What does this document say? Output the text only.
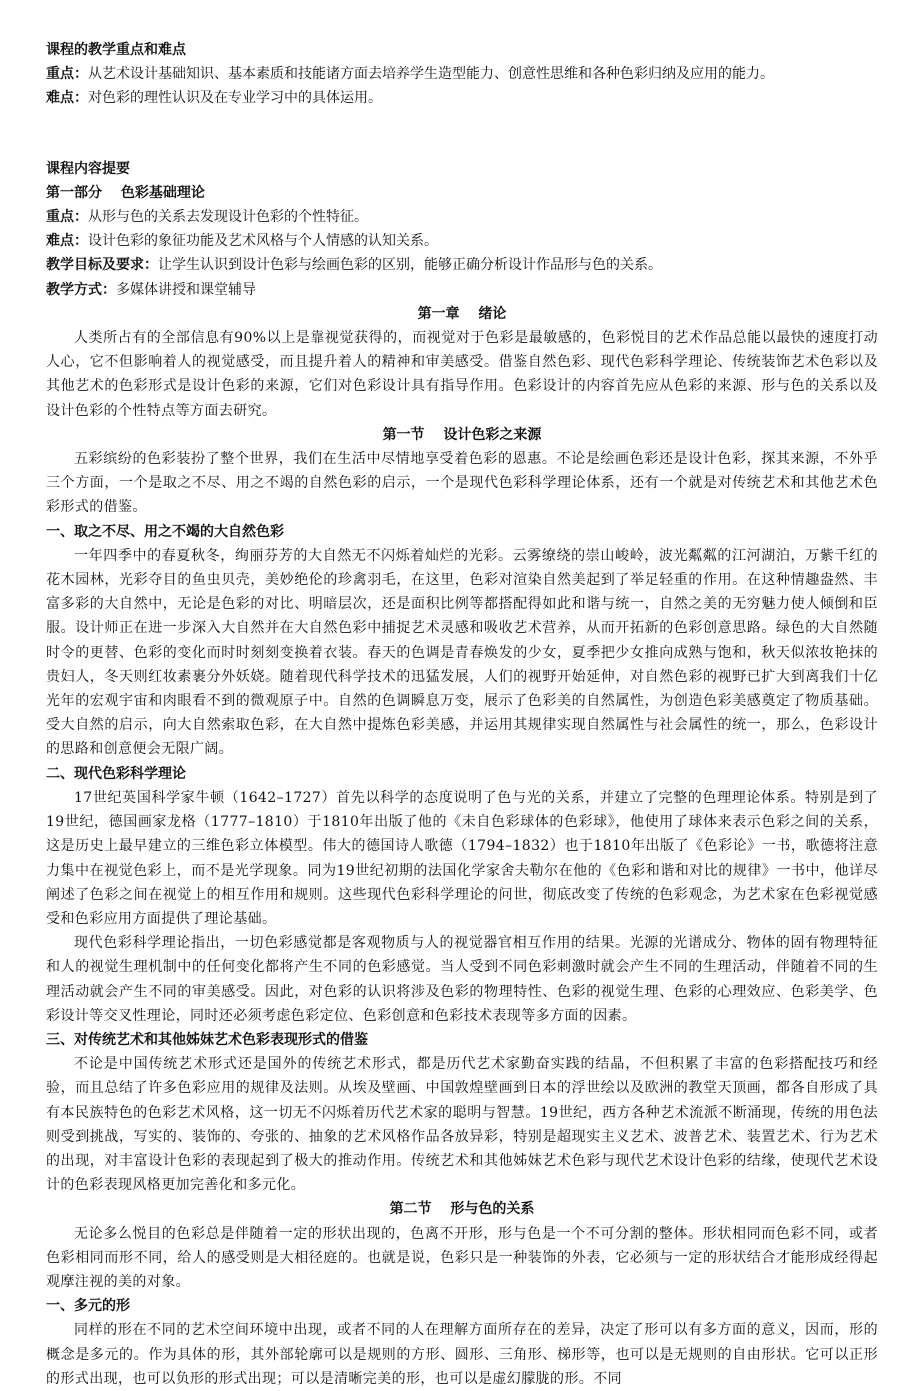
课程的教学重点和难点

重点：从艺术设计基础知识、基本素质和技能诸方面去培养学生造型能力、创意性思维和各种色彩归纳及应用的能力。

难点：对色彩的理性认识及在专业学习中的具体运用。

课程内容提要

第一部分　 色彩基础理论

重点：从形与色的关系去发现设计色彩的个性特征。

难点：设计色彩的象征功能及艺术风格与个人情感的认知关系。

教学目标及要求：让学生认识到设计色彩与绘画色彩的区别，能够正确分析设计作品形与色的关系。

教学方式：多媒体讲授和课堂辅导

第一章　 绪论

人类所占有的全部信息有90%以上是靠视觉获得的，而视觉对于色彩是最敏感的，色彩悦目的艺术作品总能以最快的速度打动人心，它不但影响着人的视觉感受，而且提升着人的精神和审美感受。借鉴自然色彩、现代色彩科学理论、传统装饰艺术色彩以及其他艺术的色彩形式是设计色彩的来源，它们对色彩设计具有指导作用。色彩设计的内容首先应从色彩的来源、形与色的关系以及设计色彩的个性特点等方面去研究。

第一节　 设计色彩之来源

五彩缤纷的色彩装扮了整个世界，我们在生活中尽情地享受着色彩的恩惠。不论是绘画色彩还是设计色彩，探其来源，不外乎三个方面，一个是取之不尽、用之不竭的自然色彩的启示，一个是现代色彩科学理论体系，还有一个就是对传统艺术和其他艺术色彩形式的借鉴。

一、取之不尽、用之不竭的大自然色彩

一年四季中的春夏秋冬，绚丽芬芳的大自然无不闪烁着灿烂的光彩。云雾缭绕的崇山峻岭，波光粼粼的江河湖泊，万紫千红的花木园林，光彩夺目的鱼虫贝壳，美妙绝伦的珍禽羽毛，在这里，色彩对渲染自然美起到了举足轻重的作用。在这种情趣盎然、丰富多彩的大自然中，无论是色彩的对比、明暗层次，还是面积比例等都搭配得如此和谐与统一，自然之美的无穷魅力使人倾倒和臣服。设计师正在进一步深入大自然并在大自然色彩中捕捉艺术灵感和吸收艺术营养，从而开拓新的色彩创意思路。绿色的大自然随时令的更替、色彩的变化而时时刻刻变换着衣装。春天的色调是青春焕发的少女，夏季把少女推向成熟与饱和，秋天似浓妆艳抹的贵妇人，冬天则红妆素裹分外妖娆。随着现代科学技术的迅猛发展，人们的视野开始延伸，对自然色彩的视野已扩大到离我们十亿光年的宏观宇宙和肉眼看不到的微观原子中。自然的色调瞬息万变，展示了色彩美的自然属性，为创造色彩美感奠定了物质基础。受大自然的启示，向大自然索取色彩，在大自然中提炼色彩美感，并运用其规律实现自然属性与社会属性的统一，那么，色彩设计的思路和创意便会无限广阔。

二、现代色彩科学理论

17世纪英国科学家牛顿（1642–1727）首先以科学的态度说明了色与光的关系，并建立了完整的色理理论体系。特别是到了19世纪，德国画家龙格（1777–1810）于1810年出版了他的《未自色彩球体的色彩球》，他使用了球体来表示色彩之间的关系，这是历史上最早建立的三维色彩立体模型。伟大的德国诗人歌德（1794–1832）也于1810年出版了《色彩论》一书，歌德将注意力集中在视觉色彩上，而不是光学现象。同为19世纪初期的法国化学家舍夫勒尔在他的《色彩和谐和对比的规律》一书中，他详尽阐述了色彩之间在视觉上的相互作用和规则。这些现代色彩科学理论的问世，彻底改变了传统的色彩观念，为艺术家在色彩视觉感受和色彩应用方面提供了理论基础。

现代色彩科学理论指出，一切色彩感觉都是客观物质与人的视觉器官相互作用的结果。光源的光谱成分、物体的固有物理特征和人的视觉生理机制中的任何变化都将产生不同的色彩感觉。当人受到不同色彩刺激时就会产生不同的生理活动，伴随着不同的生理活动就会产生不同的审美感受。因此，对色彩的认识将涉及色彩的物理特性、色彩的视觉生理、色彩的心理效应、色彩美学、色彩设计等交叉性理论，同时还必须考虑色彩定位、色彩创意和色彩技术表现等多方面的因素。

三、对传统艺术和其他姊妹艺术色彩表现形式的借鉴

不论是中国传统艺术形式还是国外的传统艺术形式，都是历代艺术家勤奋实践的结晶，不但积累了丰富的色彩搭配技巧和经验，而且总结了许多色彩应用的规律及法则。从埃及壁画、中国敦煌壁画到日本的浮世绘以及欧洲的教堂天顶画，都各自形成了具有本民族特色的色彩艺术风格，这一切无不闪烁着历代艺术家的聪明与智慧。19世纪，西方各种艺术流派不断涌现，传统的用色法则受到挑战，写实的、装饰的、夸张的、抽象的艺术风格作品各放异彩，特别是超现实主义艺术、波普艺术、装置艺术、行为艺术的出现，对丰富设计色彩的表现起到了极大的推动作用。传统艺术和其他姊妹艺术色彩与现代艺术设计色彩的结缘，使现代艺术设计的色彩表现风格更加完善化和多元化。

第二节　 形与色的关系

无论多么悦目的色彩总是伴随着一定的形状出现的，色离不开形，形与色是一个不可分割的整体。形状相同而色彩不同，或者色彩相同而形不同，给人的感受则是大相径庭的。也就是说，色彩只是一种装饰的外表，它必须与一定的形状结合才能形成经得起观摩注视的美的对象。

一、多元的形

同样的形在不同的艺术空间环境中出现，或者不同的人在理解方面所存在的差异，决定了形可以有多方面的意义，因而，形的概念是多元的。作为具体的形，其外部轮廓可以是规则的方形、圆形、三角形、梯形等，也可以是无规则的自由形状。它可以正形的形式出现，也可以负形的形式出现；可以是清晰完美的形，也可以是虚幻朦胧的形。不同
